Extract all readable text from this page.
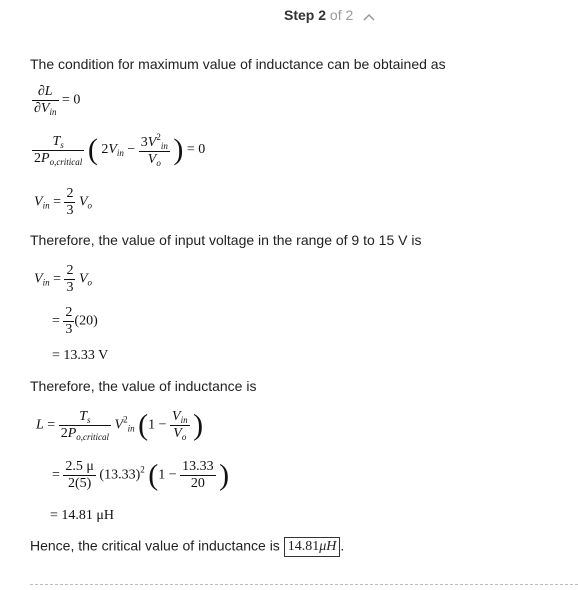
Step 2 of 2
The condition for maximum value of inductance can be obtained as
$\frac{\partial L}{\partial V_{in}} = 0$
$\frac{T_s}{2P_{o,critical}}$ ( $2V_{in} - \frac{3V^2_{in}}{V_o}$ ) = 0
$V_{in} = \frac{2}{3} V_o$
Therefore, the value of input voltage in the range of 9 to 15 V is
$V_{in} = \frac{2}{3} V_o$
= $\frac{2}{3} (20)$
= 13.33 V
Therefore, the value of inductance is
$L = \frac{T_s}{2P_{o,critical}} V^2_{in}$ ($1 - \frac{V_{in}}{V_o}$ )
= $\frac{2.5 \mu}{2(5)} (13.33)^2$ ($1 - \frac{13.33}{20}$ )
= 14.81 μH
Hence, the critical value of inductance is 14.81μH .
